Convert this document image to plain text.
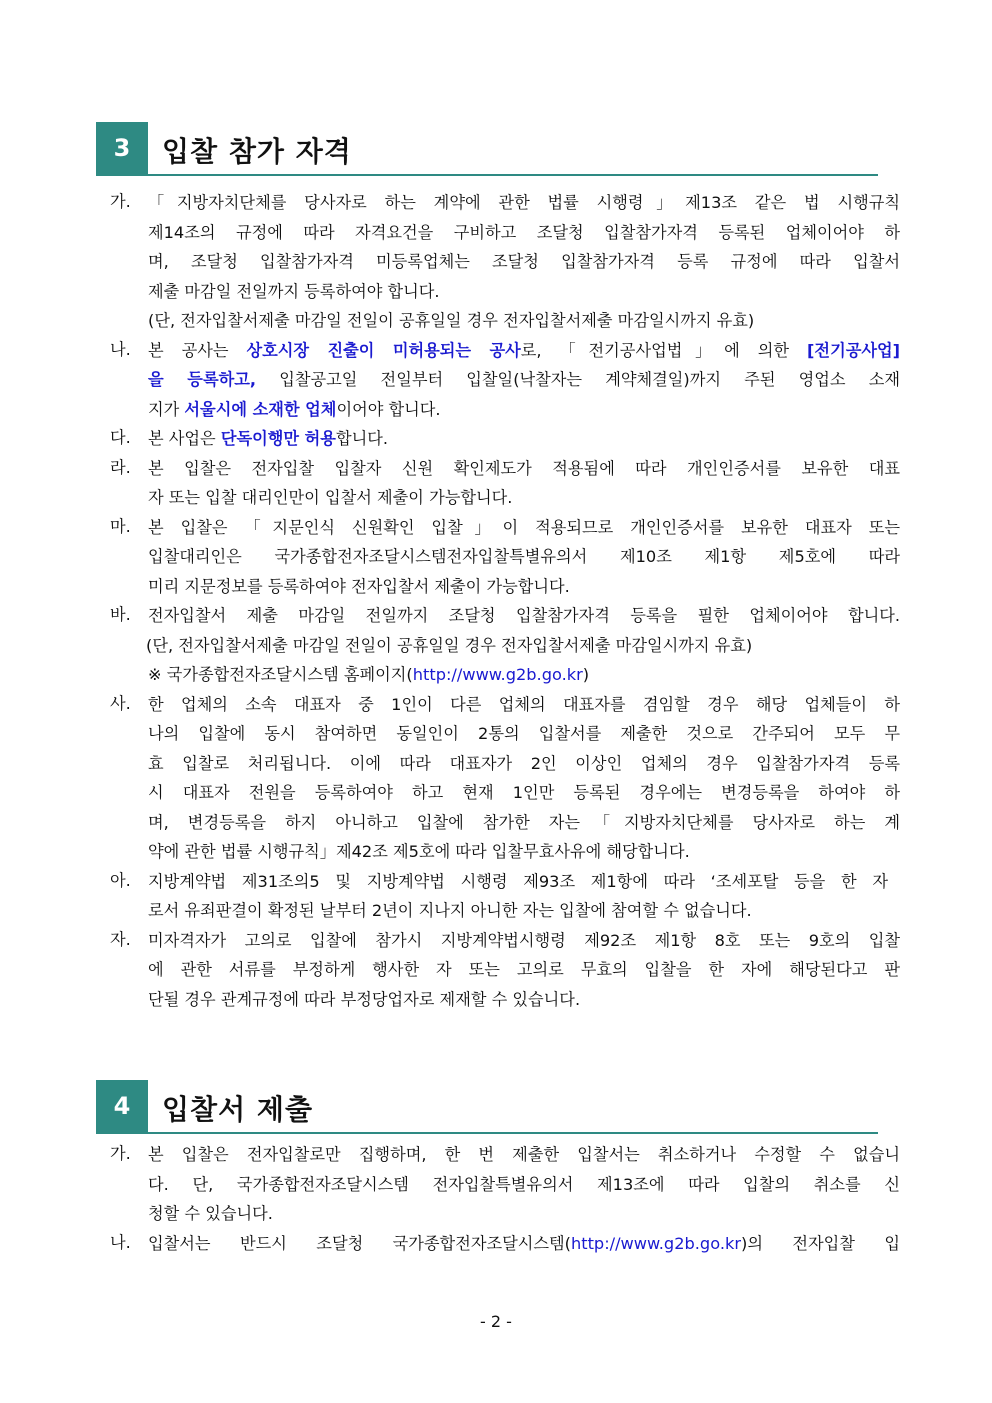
3	입찰 참가 자격
가. 「지방자치단체를 당사자로 하는 계약에 관한 법률 시행령」제13조 같은 법 시행규칙
제14조의 규정에 따라 자격요건을 구비하고 조달청 입찰참가자격 등록된 업체이어야 하
며, 조달청 입찰참가자격 미등록업체는 조달청 입찰참가자격 등록 규정에 따라 입찰서
제출 마감일 전일까지 등록하여야 합니다.
(단, 전자입찰서제출 마감일 전일이 공휴일일 경우 전자입찰서제출 마감일시까지 유효)
나. 본 공사는 상호시장 진출이 미허용되는 공사로, 「전기공사업법」에 의한 [전기공사업]
을 등록하고, 입찰공고일 전일부터 입찰일(낙찰자는 계약체결일)까지 주된 영업소 소재
지가 서울시에 소재한 업체이어야 합니다.
다. 본 사업은 단독이행만 허용합니다.
라. 본 입찰은 전자입찰 입찰자 신원 확인제도가 적용됨에 따라 개인인증서를 보유한 대표
자 또는 입찰 대리인만이 입찰서 제출이 가능합니다.
마. 본 입찰은 「지문인식 신원확인 입찰」이 적용되므로 개인인증서를 보유한 대표자 또는
입찰대리인은 국가종합전자조달시스템전자입찰특별유의서 제10조 제1항 제5호에 따라
미리 지문정보를 등록하여야 전자입찰서 제출이 가능합니다.
바. 전자입찰서 제출 마감일 전일까지 조달청 입찰참가자격 등록을 필한 업체이어야 합니다.
(단, 전자입찰서제출 마감일 전일이 공휴일일 경우 전자입찰서제출 마감일시까지 유효)
※ 국가종합전자조달시스템 홈페이지(http://www.g2b.go.kr)
사. 한 업체의 소속 대표자 중 1인이 다른 업체의 대표자를 겸임할 경우 해당 업체들이 하
나의 입찰에 동시 참여하면 동일인이 2통의 입찰서를 제출한 것으로 간주되어 모두 무
효 입찰로 처리됩니다. 이에 따라 대표자가 2인 이상인 업체의 경우 입찰참가자격 등록
시 대표자 전원을 등록하여야 하고 현재 1인만 등록된 경우에는 변경등록을 하여야 하
며, 변경등록을 하지 아니하고 입찰에 참가한 자는「지방자치단체를 당사자로 하는 계
약에 관한 법률 시행규칙」제42조 제5호에 따라 입찰무효사유에 해당합니다.
아. 지방계약법 제31조의5 및 지방계약법 시행령 제93조 제1항에 따라 ‘조세포탈 등을 한 자
로서 유죄판결이 확정된 날부터 2년이 지나지 아니한 자는 입찰에 참여할 수 없습니다.
자. 미자격자가 고의로 입찰에 참가시 지방계약법시행령 제92조 제1항 8호 또는 9호의 입찰
에 관한 서류를 부정하게 행사한 자 또는 고의로 무효의 입찰을 한 자에 해당된다고 판
단될 경우 관계규정에 따라 부정당업자로 제재할 수 있습니다.
4	입찰서 제출
가. 본 입찰은 전자입찰로만 집행하며, 한 번 제출한 입찰서는 취소하거나 수정할 수 없습니
다. 단, 국가종합전자조달시스템 전자입찰특별유의서 제13조에 따라 입찰의 취소를 신
청할 수 있습니다.
나. 입찰서는 반드시 조달청 국가종합전자조달시스템(http://www.g2b.go.kr)의 전자입찰 입
- 2 -
